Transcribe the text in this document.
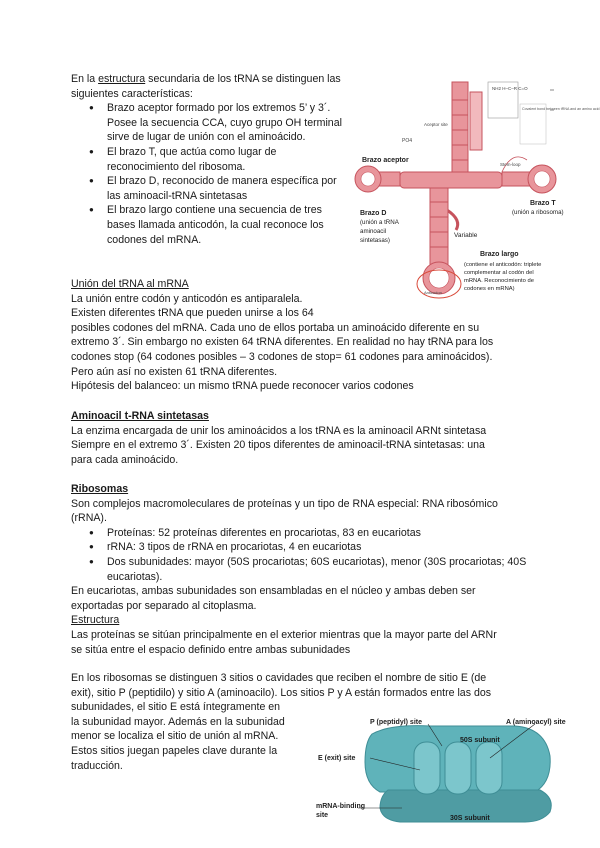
En la estructura secundaria de los tRNA se distinguen las siguientes características:

● Brazo aceptor formado por los extremos 5’ y 3´. Posee la secuencia CCA, cuyo grupo OH terminal sirve de lugar de unión con el aminoácido.
● El brazo T, que actúa como lugar de reconocimiento del ribosoma.
● El brazo D, reconocido de manera específica por las aminoacil-tRNA sintetasas
● El brazo largo contiene una secuencia de tres bases llamada anticodón, la cual reconoce los codones del mRNA.
NH2 H–C–R C=O
Covalent bond between tRNA and an amino acid
Aceptor site
PO4
Stem-loop
Anticodon
Brazo aceptor
Brazo T
(unión a ribosoma)
Brazo D
(unión a tRNA
aminoacil
sintetasas)
Variable
Brazo largo
(contiene el anticodón: triplete
complementar al codón del
mRNA. Reconocimiento de
codones en mRNA)

Unión del tRNA al mRNA

La unión entre codón y anticodón es antiparalela.

Existen diferentes tRNA que pueden unirse a los 64

posibles codones del mRNA. Cada uno de ellos portaba un aminoácido diferente en su

extremo 3´. Sin embargo no existen 64 tRNA diferentes. En realidad no hay tRNA para los

codones stop (64 codones posibles – 3 codones de stop= 61 codones para aminoácidos).

Pero aún así no existen 61 tRNA diferentes.

Hipótesis del balanceo: un mismo tRNA puede reconocer varios codones

Aminoacil t-RNA sintetasas

La enzima encargada de unir los aminoácidos a los tRNA es la aminoacil ARNt sintetasa

Siempre en el extremo 3´. Existen 20 tipos diferentes de aminoacil-tRNA sintetasas: una

para cada aminoácido.

Ribosomas

Son complejos macromoleculares de proteínas y un tipo de RNA especial: RNA ribosómico

(rRNA).

● Proteínas: 52 proteínas diferentes en procariotas, 83 en eucariotas
● rRNA: 3 tipos de rRNA en procariotas, 4 en eucariotas
● Dos subunidades: mayor (50S procariotas; 60S eucariotas), menor (30S procariotas; 40S eucariotas).

En eucariotas, ambas subunidades son ensambladas en el núcleo y ambas deben ser

exportadas por separado al citoplasma.

Estructura

Las proteínas se sitúan principalmente en el exterior mientras que la mayor parte del ARNr

se sitúa entre el espacio definido entre ambas subunidades

En los ribosomas se distinguen 3 sitios o cavidades que reciben el nombre de sitio E (de

exit), sitio P (peptidilo) y sitio A (aminoacilo). Los sitios P y A están formados entre las dos

subunidades, el sitio E está íntegramente en

la subunidad mayor. Además en la subunidad

menor se localiza el sitio de unión al mRNA.

Estos sitios juegan papeles clave durante la

traducción.

P (peptidyl) site	A (aminoacyl) site
E (exit) site
50S subunit
30S subunit
mRNA-binding
site
